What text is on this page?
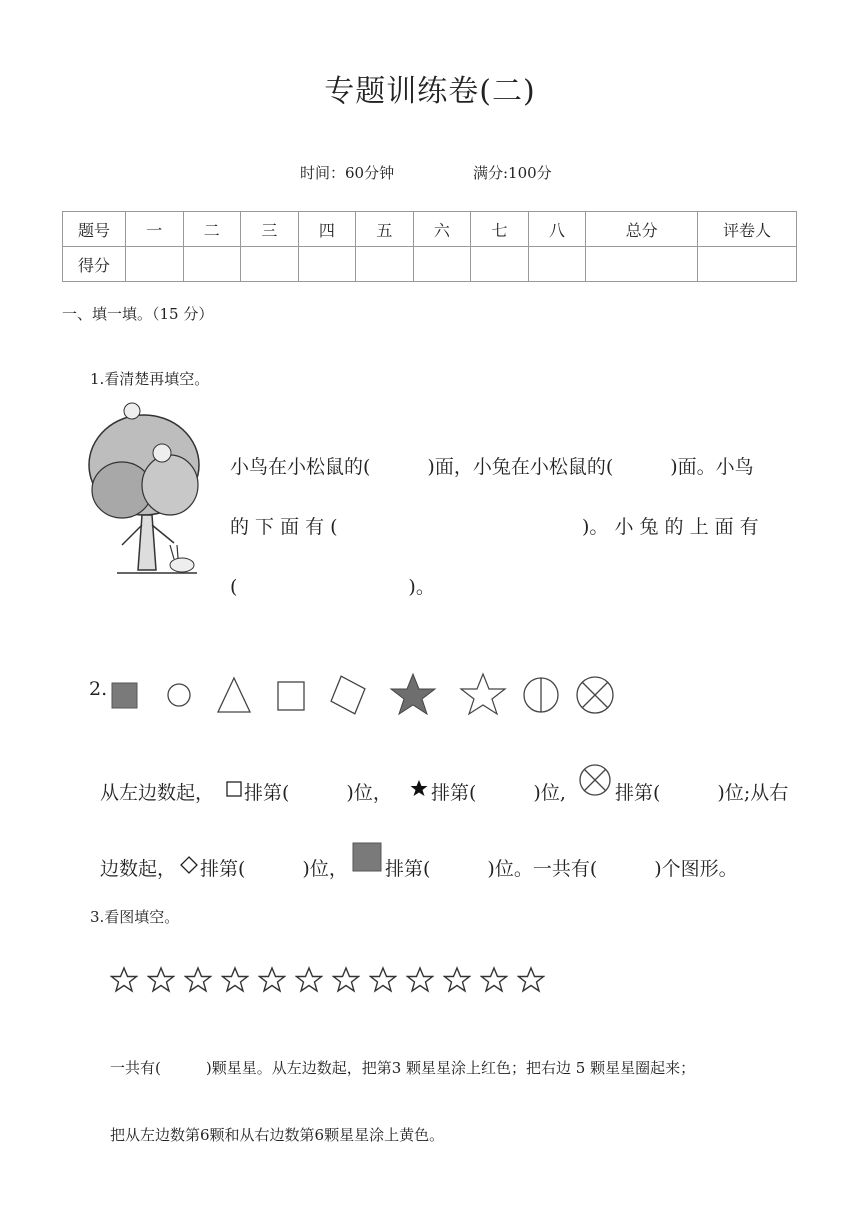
专题训练卷(二)
时间：60分钟	满分:100分
题号	一	二	三	四	五	六	七	八	总分	评卷人
得分										
一、填一填。（15 分）
1.看清楚再填空。
小鸟在小松鼠的(　　　)面，小兔在小松鼠的(　　　)面。小鸟
的 下 面 有 (	)。 小 兔 的 上 面 有
(　　　　　　　　　)。
2.
从左边数起， 排第(　　　)位， 排第(　　　)位,	排第(　　　)位;从右
边数起， 排第(　　　)位， 排第(　　　)位。一共有(　　　)个图形。
3.看图填空。
一共有(　　　)颗星星。从左边数起，把第3 颗星星涂上红色；把右边 5 颗星星圈起来；
把从左边数第6颗和从右边数第6颗星星涂上黄色。
